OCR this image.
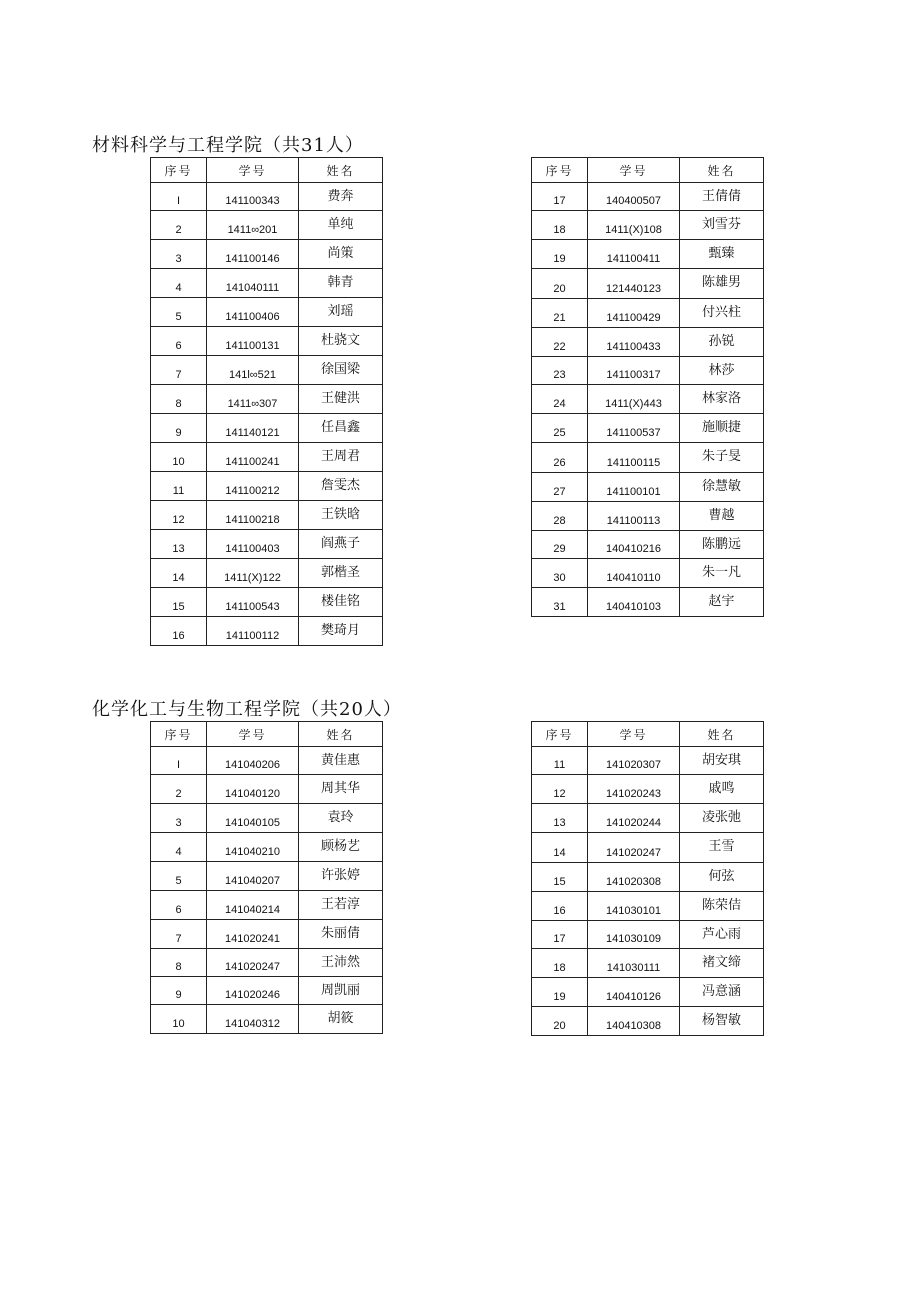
材料科学与工程学院（共31人）
序号	学号	姓名
I	141100343	费奔
2	1411∞201	单纯
3	141100146	尚策
4	141040111	韩青
5	141100406	刘瑶
6	141100131	杜骁文
7	141l∞521	徐国梁
8	1411∞307	王健洪
9	141140121	任昌鑫
10	141100241	王周君
11	141100212	詹雯杰
12	141100218	王铁晗
13	141100403	阎燕子
14	1411(X)122	郭楷圣
15	141100543	楼佳铭
16	141100112	樊琦月
序号	学号	姓名
17	140400507	王倩倩
18	1411(X)108	刘雪芬
19	141100411	甄臻
20	121440123	陈雄男
21	141100429	付兴柱
22	141100433	孙锐
23	141100317	林莎
24	1411(X)443	林家洛
25	141100537	施顺捷
26	141100115	朱子旻
27	141100101	徐慧敏
28	141100113	曹越
29	140410216	陈鹏远
30	140410110	朱一凡
31	140410103	赵宇
化学化工与生物工程学院（共20人）
序号	学号	姓名
I	141040206	黄佳惠
2	141040120	周其华
3	141040105	袁玲
4	141040210	顾杨艺
5	141040207	许张婷
6	141040214	王若淳
7	141020241	朱丽倩
8	141020247	王沛然
9	141020246	周凯丽
10	141040312	胡筱
序号	学号	姓名
11	141020307	胡安琪
12	141020243	戚鸣
13	141020244	凌张弛
14	141020247	王雪
15	141020308	何弦
16	141030101	陈荣佶
17	141030109	芦心雨
18	141030111	褚文缔
19	140410126	冯意涵
20	140410308	杨智敏
